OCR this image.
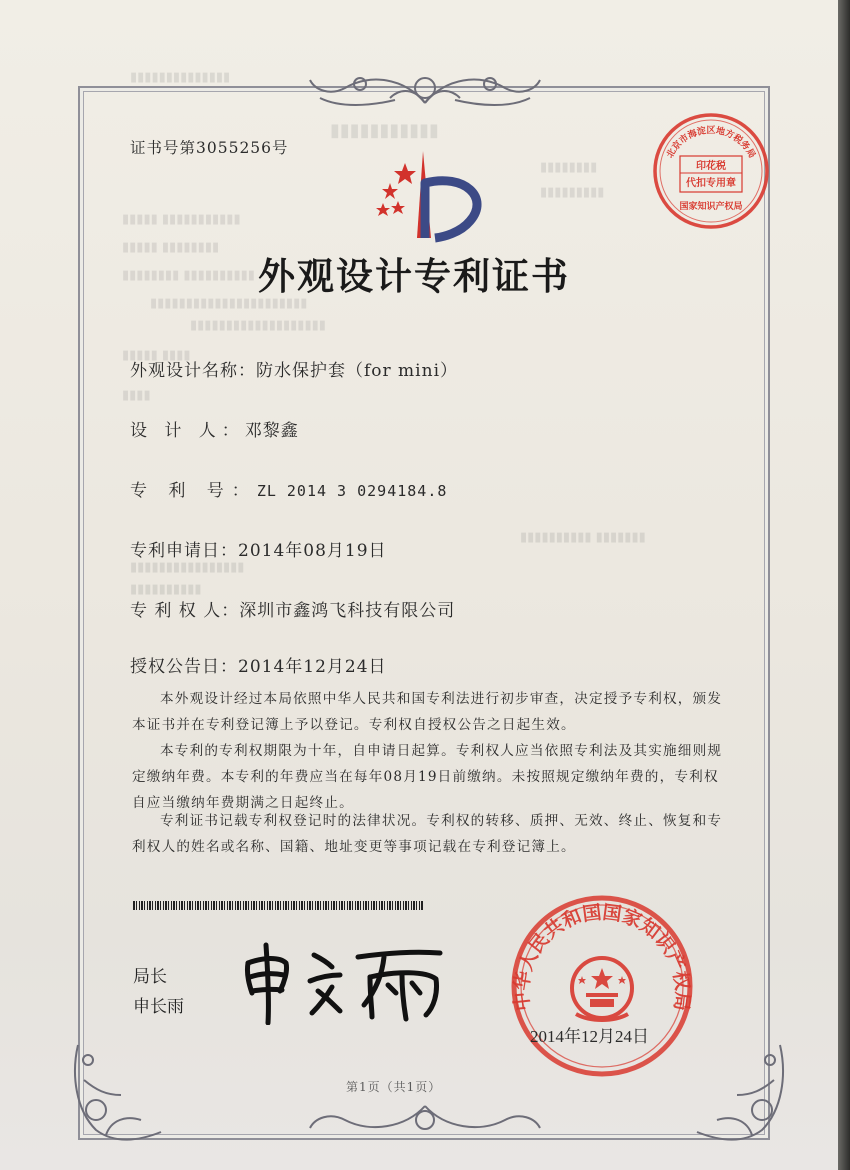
▮▮▮▮▮▮▮▮▮▮▮▮▮▮
▮▮▮▮▮▮▮▮▮▮▮
▮▮▮▮▮ ▮▮▮▮▮▮▮▮▮▮▮
▮▮▮▮▮ ▮▮▮▮▮▮▮▮
▮▮▮▮▮▮▮▮ ▮▮▮▮▮▮▮▮▮▮
▮▮▮▮▮▮▮▮▮▮▮▮▮▮▮▮▮▮▮▮▮▮
▮▮▮▮▮▮▮▮▮▮▮▮▮▮▮▮▮▮▮
▮▮▮▮▮▮▮▮
▮▮▮▮▮▮▮▮▮
▮▮▮▮▮▮▮▮▮▮ ▮▮▮▮▮▮▮
▮▮▮▮▮▮▮▮▮▮▮▮▮▮▮▮
▮▮▮▮▮▮▮▮▮▮
▮▮▮▮▮ ▮▮▮▮
▮▮▮▮
证书号第3055256号	北京市海淀区地方税务局
印花税
代扣专用章
国家知识产权局
外观设计专利证书
外观设计名称：防水保护套（for mini）
设 计 人：邓黎鑫
专 利 号：ZL 2014 3 0294184.8
专利申请日：2014年08月19日
专 利 权 人：深圳市鑫鸿飞科技有限公司
授权公告日：2014年12月24日
本外观设计经过本局依照中华人民共和国专利法进行初步审查，决定授予专利权，颁发本证书并在专利登记簿上予以登记。专利权自授权公告之日起生效。
本专利的专利权期限为十年，自申请日起算。专利权人应当依照专利法及其实施细则规定缴纳年费。本专利的年费应当在每年08月19日前缴纳。未按照规定缴纳年费的，专利权自应当缴纳年费期满之日起终止。
专利证书记载专利权登记时的法律状况。专利权的转移、质押、无效、终止、恢复和专利权人的姓名或名称、国籍、地址变更等事项记载在专利登记簿上。
局长
申长雨	中华人民共和国国家知识产权局
2014年12月24日
第1页（共1页）
